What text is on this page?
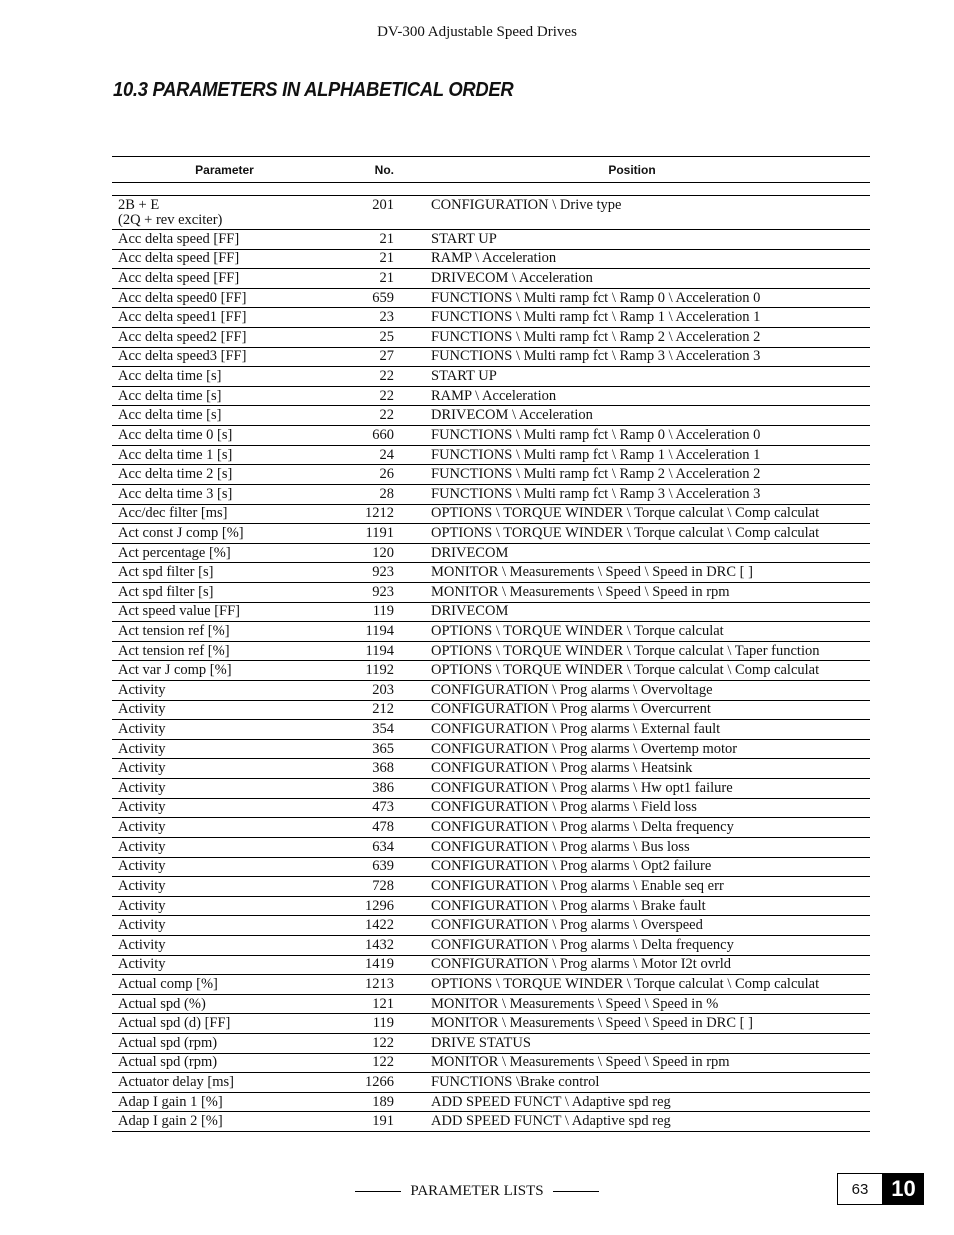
DV-300 Adjustable Speed Drives
10.3 PARAMETERS IN ALPHABETICAL ORDER
Parameter	No.	Position
2B + E
(2Q + rev exciter)
201	CONFIGURATION \ Drive type
Acc delta speed [FF]	21	START UP
Acc delta speed [FF]	21	RAMP \ Acceleration
Acc delta speed [FF]	21	DRIVECOM \ Acceleration
Acc delta speed0 [FF]	659	FUNCTIONS \ Multi ramp fct \ Ramp 0 \ Acceleration 0
Acc delta speed1 [FF]	23	FUNCTIONS \ Multi ramp fct \ Ramp 1 \ Acceleration 1
Acc delta speed2 [FF]	25	FUNCTIONS \ Multi ramp fct \ Ramp 2 \ Acceleration 2
Acc delta speed3 [FF]	27	FUNCTIONS \ Multi ramp fct \ Ramp 3 \ Acceleration 3
Acc delta time [s]	22	START UP
Acc delta time [s]	22	RAMP \ Acceleration
Acc delta time [s]	22	DRIVECOM \ Acceleration
Acc delta time 0 [s]	660	FUNCTIONS \ Multi ramp fct \ Ramp 0 \ Acceleration 0
Acc delta time 1 [s]	24	FUNCTIONS \ Multi ramp fct \ Ramp 1 \ Acceleration 1
Acc delta time 2 [s]	26	FUNCTIONS \ Multi ramp fct \ Ramp 2 \ Acceleration 2
Acc delta time 3 [s]	28	FUNCTIONS \ Multi ramp fct \ Ramp 3 \ Acceleration 3
Acc/dec filter [ms]	1212	OPTIONS \ TORQUE WINDER \ Torque calculat \ Comp calculat
Act const J comp [%]	1191	OPTIONS \ TORQUE WINDER \ Torque calculat \ Comp calculat
Act percentage [%]	120	DRIVECOM
Act spd filter [s]	923	MONITOR \ Measurements \ Speed \ Speed in DRC [ ]
Act spd filter [s]	923	MONITOR \ Measurements \ Speed \ Speed in rpm
Act speed value [FF]	119	DRIVECOM
Act tension ref [%]	1194	OPTIONS \ TORQUE WINDER \ Torque calculat
Act tension ref [%]	1194	OPTIONS \ TORQUE WINDER \ Torque calculat \ Taper function
Act var J comp [%]	1192	OPTIONS \ TORQUE WINDER \ Torque calculat \ Comp calculat
Activity	203	CONFIGURATION \ Prog alarms \ Overvoltage
Activity	212	CONFIGURATION \ Prog alarms \ Overcurrent
Activity	354	CONFIGURATION \ Prog alarms \ External fault
Activity	365	CONFIGURATION \ Prog alarms \ Overtemp motor
Activity	368	CONFIGURATION \ Prog alarms \ Heatsink
Activity	386	CONFIGURATION \ Prog alarms \ Hw opt1 failure
Activity	473	CONFIGURATION \ Prog alarms \ Field loss
Activity	478	CONFIGURATION \ Prog alarms \ Delta frequency
Activity	634	CONFIGURATION \ Prog alarms \ Bus loss
Activity	639	CONFIGURATION \ Prog alarms \ Opt2 failure
Activity	728	CONFIGURATION \ Prog alarms \ Enable seq err
Activity	1296	CONFIGURATION \ Prog alarms \ Brake fault
Activity	1422	CONFIGURATION \ Prog alarms \ Overspeed
Activity	1432	CONFIGURATION \ Prog alarms \ Delta frequency
Activity	1419	CONFIGURATION \ Prog alarms \ Motor I2t ovrld
Actual comp [%]	1213	OPTIONS \ TORQUE WINDER \ Torque calculat \ Comp calculat
Actual spd (%)	121	MONITOR \ Measurements \ Speed \ Speed in %
Actual spd (d) [FF]	119	MONITOR \ Measurements \ Speed \ Speed in DRC [ ]
Actual spd (rpm)	122	DRIVE STATUS
Actual spd (rpm)	122	MONITOR \ Measurements \ Speed \ Speed in rpm
Actuator delay [ms]	1266	FUNCTIONS \Brake control
Adap I gain 1 [%]	189	ADD SPEED FUNCT \ Adaptive spd reg
Adap I gain 2 [%]	191	ADD SPEED FUNCT \ Adaptive spd reg
PARAMETER LISTS	63	10
